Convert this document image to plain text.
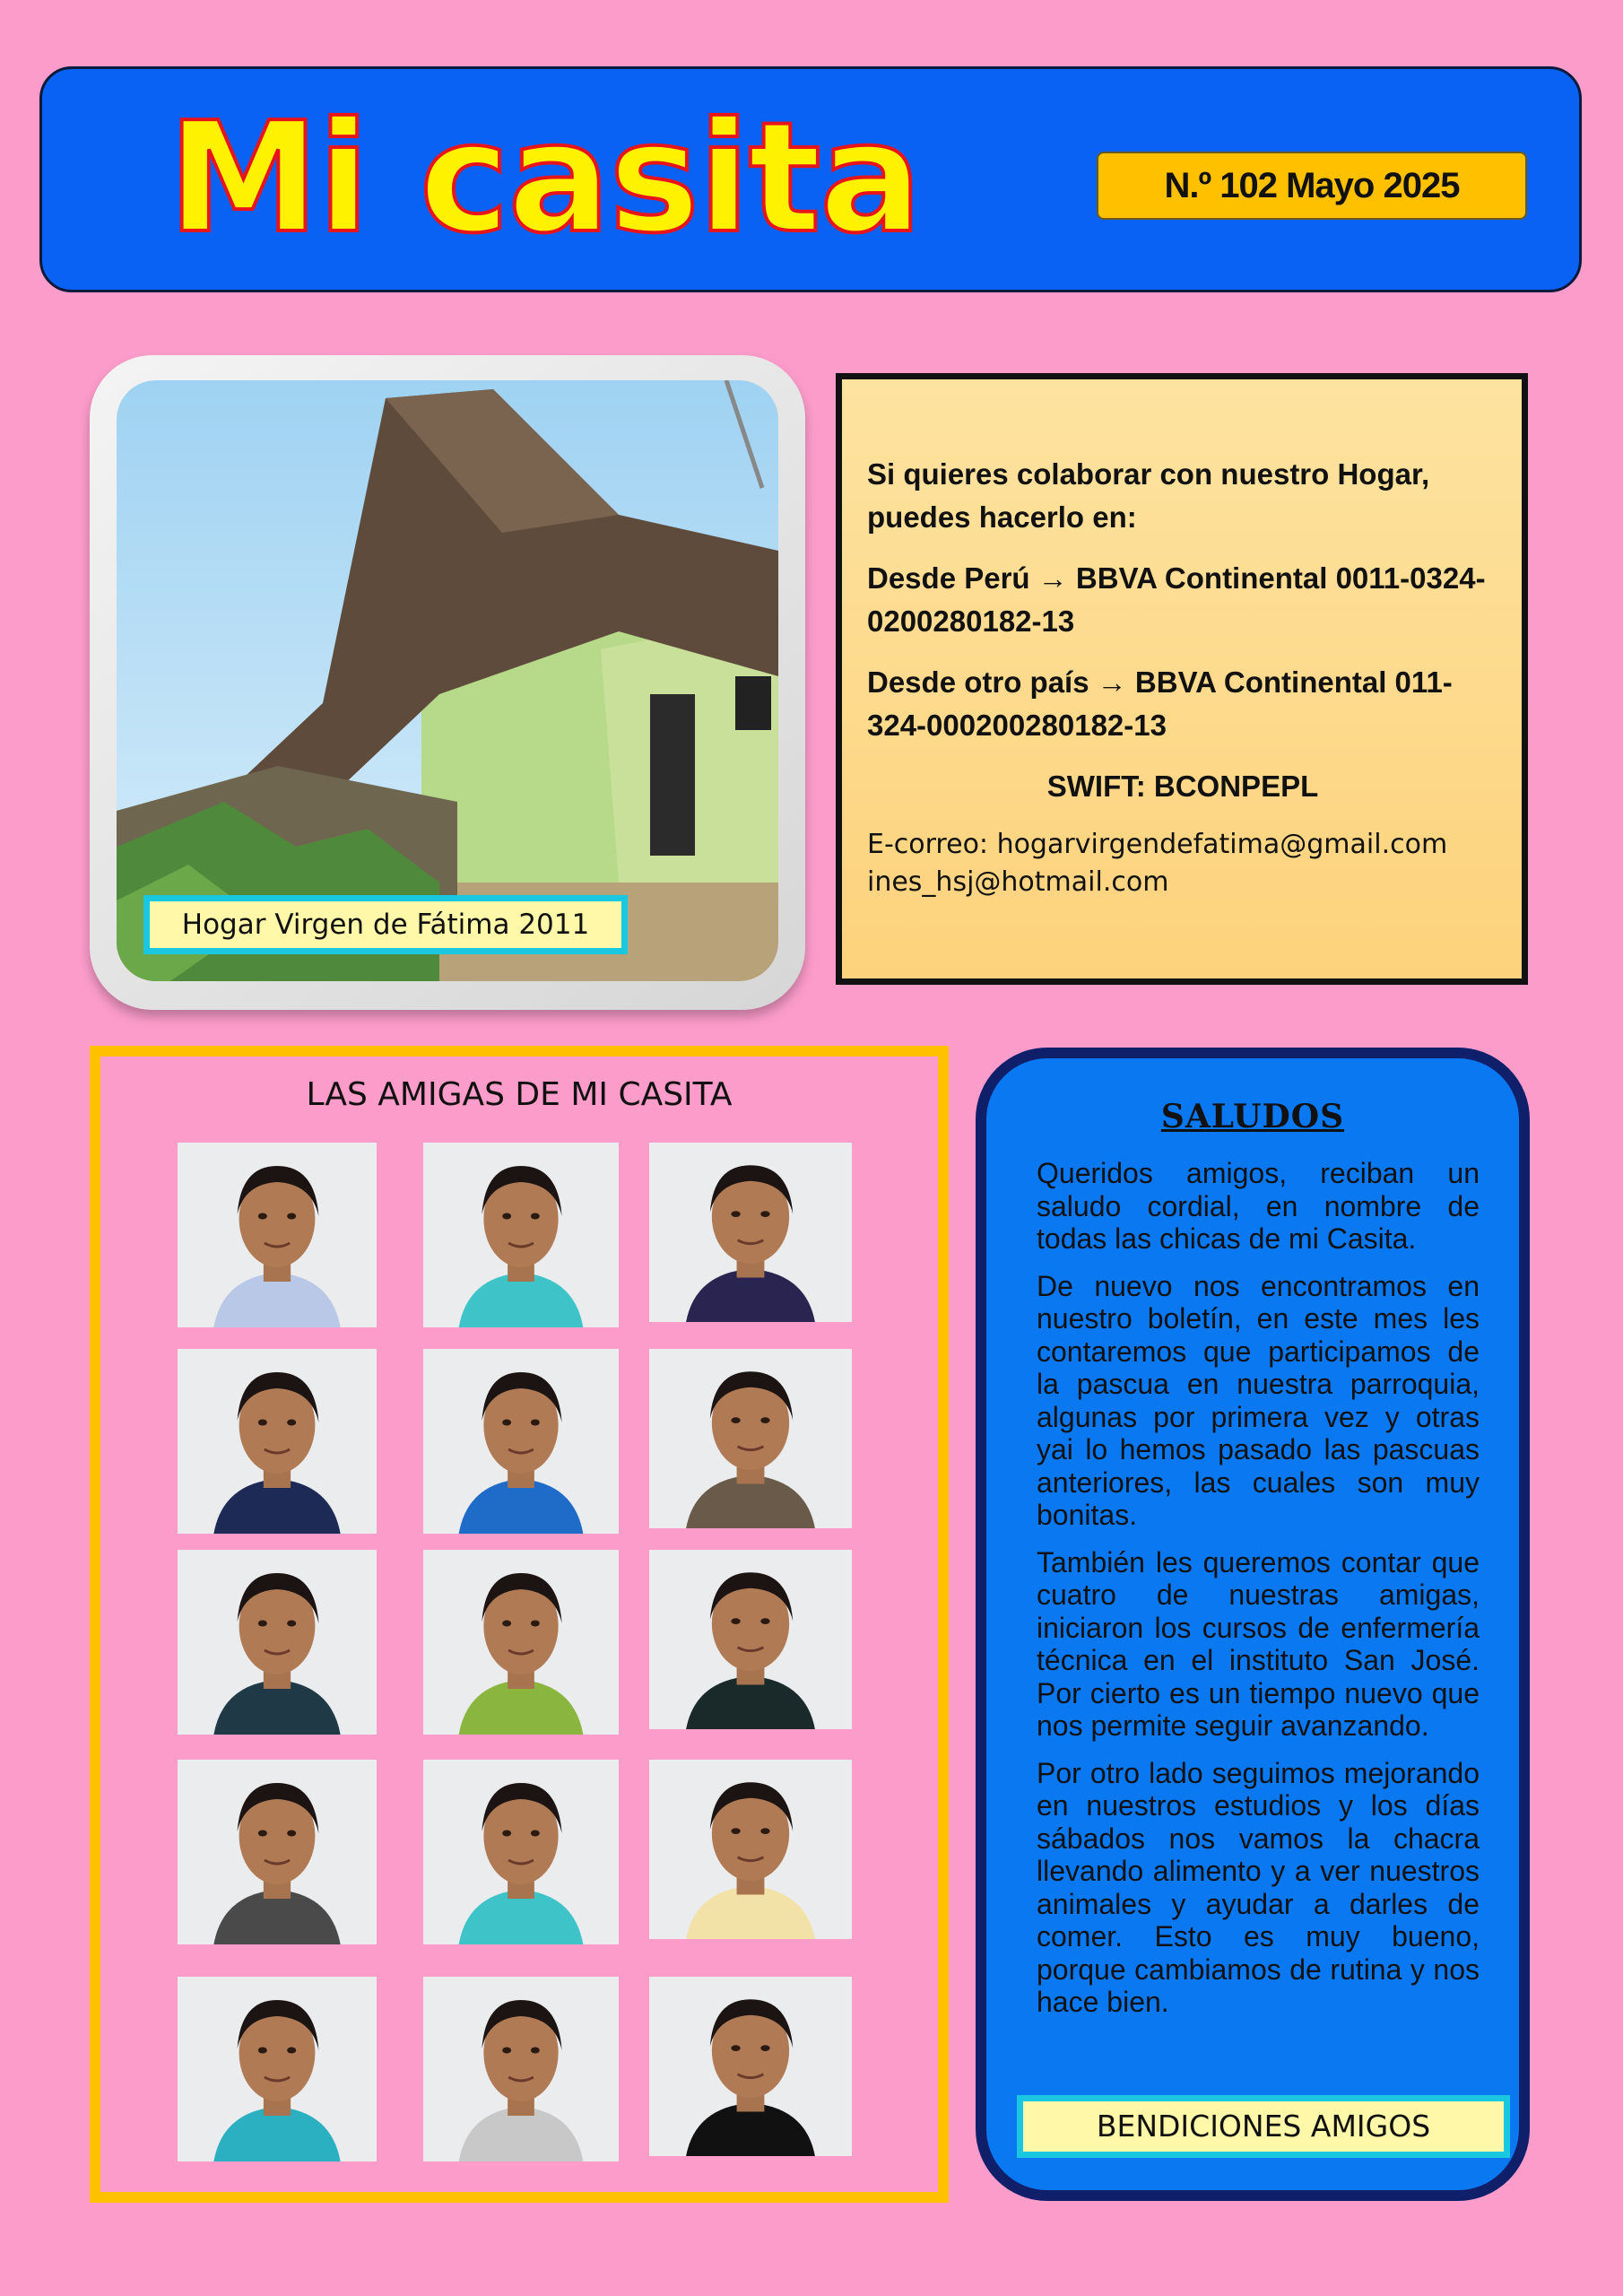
Mi casita	N.º 102 Mayo 2025
Hogar Virgen de Fátima 2011

Si quieres colaborar con nuestro Hogar, puedes hacerlo en:

Desde Perú → BBVA Continental 0011-0324-0200280182-13

Desde otro país → BBVA Continental 011-324-000200280182-13

SWIFT: BCONPEPL

E-correo: hogarvirgendefatima@gmail.com
ines_hsj@hotmail.com
LAS AMIGAS DE MI CASITA
SALUDOS

Queridos amigos, reciban un saludo cordial, en nombre de todas las chicas de mi Casita.

De nuevo nos encontramos en nuestro boletín, en este mes les contaremos que participamos de la pascua en nuestra parroquia, algunas por primera vez y otras yai lo hemos pasado las pascuas anteriores, las cuales son muy bonitas.

También les queremos contar que cuatro de nuestras amigas, iniciaron los cursos de enfermería técnica en el instituto San José. Por cierto es un tiempo nuevo que nos permite seguir avanzando.

Por otro lado seguimos mejorando en nuestros estudios y los días sábados nos vamos la chacra llevando alimento y a ver nuestros animales y ayudar a darles de comer. Esto es muy bueno, porque cambiamos de rutina y nos hace bien.

BENDICIONES AMIGOS
